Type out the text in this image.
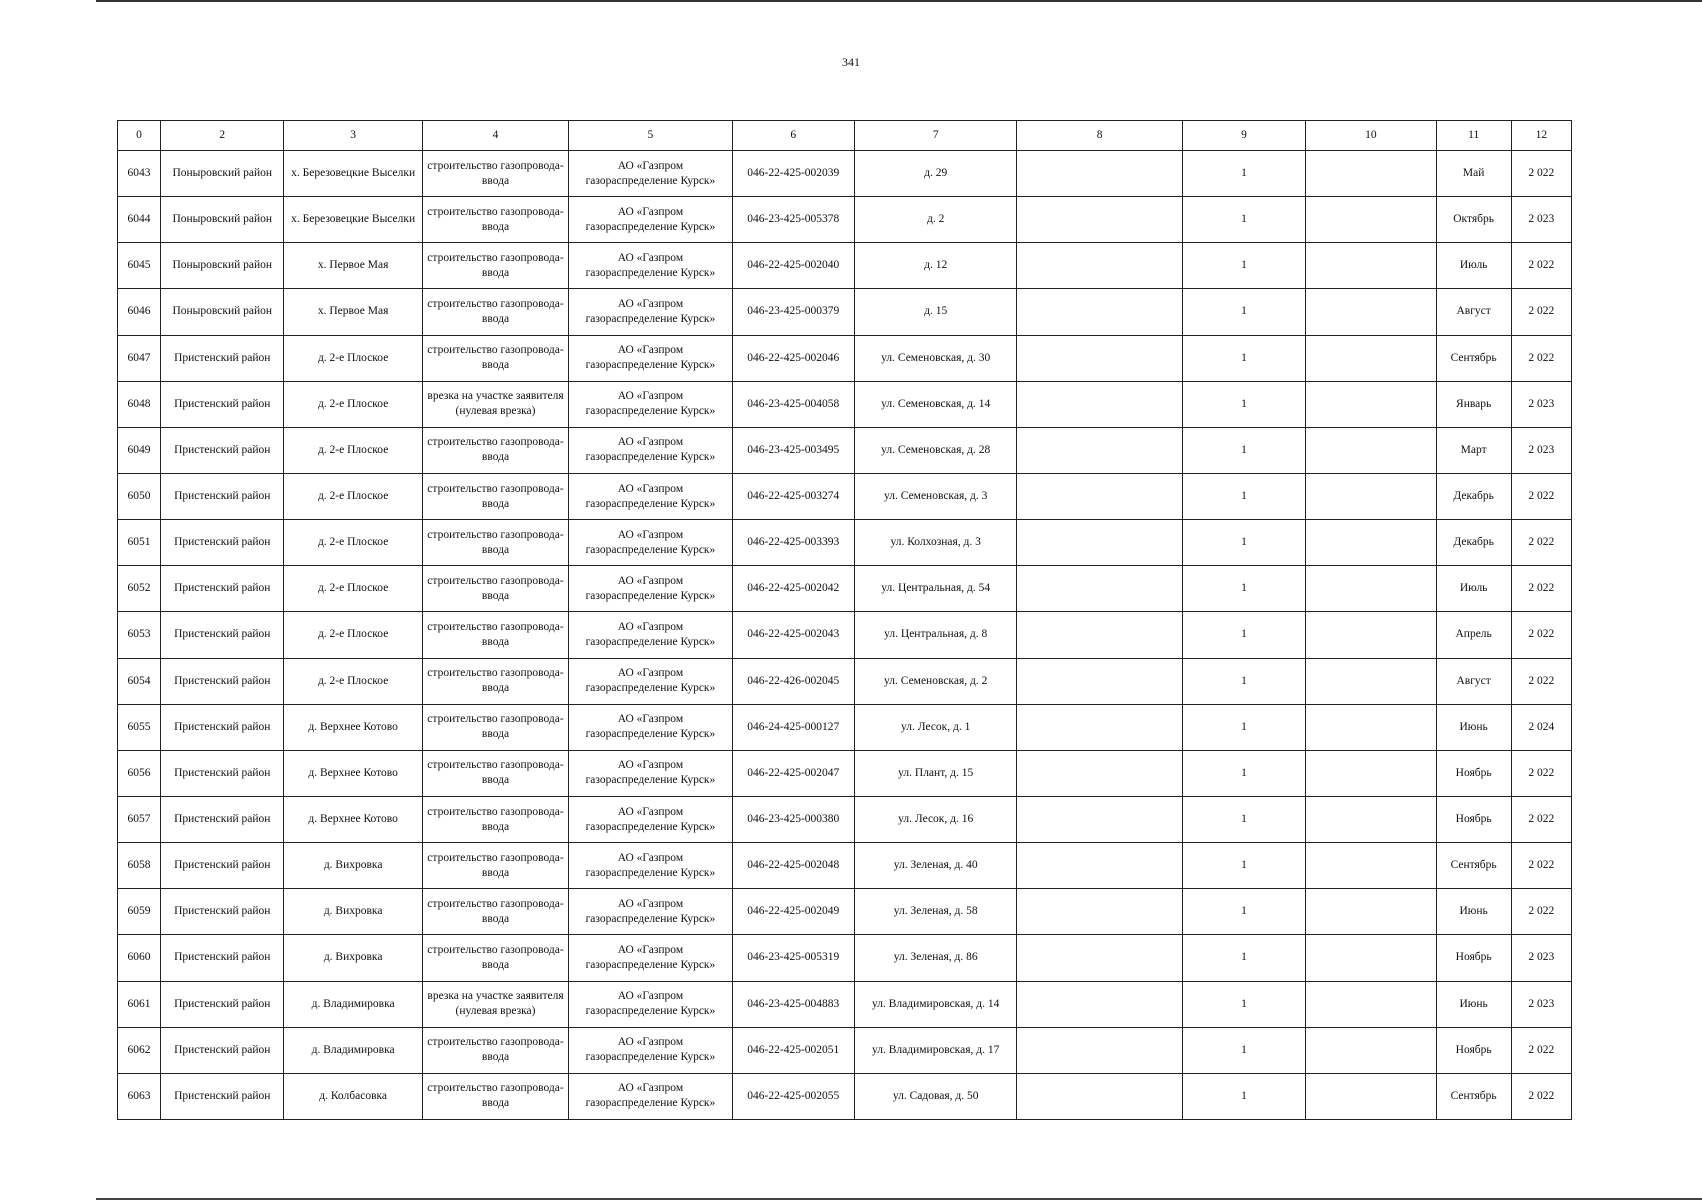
341
0	2	3	4	5	6	7	8	9	10	11	12
6043	Поныровский район	х. Березовецкие Выселки	строительство газопровода-ввода	АО «Газпром газораспределение Курск»	046-22-425-002039	д. 29		1		Май	2 022
6044	Поныровский район	х. Березовецкие Выселки	строительство газопровода-ввода	АО «Газпром газораспределение Курск»	046-23-425-005378	д. 2		1		Октябрь	2 023
6045	Поныровский район	х. Первое Мая	строительство газопровода-ввода	АО «Газпром газораспределение Курск»	046-22-425-002040	д. 12		1		Июль	2 022
6046	Поныровский район	х. Первое Мая	строительство газопровода-ввода	АО «Газпром газораспределение Курск»	046-23-425-000379	д. 15		1		Август	2 022
6047	Пристенский район	д. 2-е Плоское	строительство газопровода-ввода	АО «Газпром газораспределение Курск»	046-22-425-002046	ул. Семеновская, д. 30		1		Сентябрь	2 022
6048	Пристенский район	д. 2-е Плоское	врезка на участке заявителя (нулевая врезка)	АО «Газпром газораспределение Курск»	046-23-425-004058	ул. Семеновская, д. 14		1		Январь	2 023
6049	Пристенский район	д. 2-е Плоское	строительство газопровода-ввода	АО «Газпром газораспределение Курск»	046-23-425-003495	ул. Семеновская, д. 28		1		Март	2 023
6050	Пристенский район	д. 2-е Плоское	строительство газопровода-ввода	АО «Газпром газораспределение Курск»	046-22-425-003274	ул. Семеновская, д. 3		1		Декабрь	2 022
6051	Пристенский район	д. 2-е Плоское	строительство газопровода-ввода	АО «Газпром газораспределение Курск»	046-22-425-003393	ул. Колхозная, д. 3		1		Декабрь	2 022
6052	Пристенский район	д. 2-е Плоское	строительство газопровода-ввода	АО «Газпром газораспределение Курск»	046-22-425-002042	ул. Центральная, д. 54		1		Июль	2 022
6053	Пристенский район	д. 2-е Плоское	строительство газопровода-ввода	АО «Газпром газораспределение Курск»	046-22-425-002043	ул. Центральная, д. 8		1		Апрель	2 022
6054	Пристенский район	д. 2-е Плоское	строительство газопровода-ввода	АО «Газпром газораспределение Курск»	046-22-426-002045	ул. Семеновская, д. 2		1		Август	2 022
6055	Пристенский район	д. Верхнее Котово	строительство газопровода-ввода	АО «Газпром газораспределение Курск»	046-24-425-000127	ул. Лесок, д. 1		1		Июнь	2 024
6056	Пристенский район	д. Верхнее Котово	строительство газопровода-ввода	АО «Газпром газораспределение Курск»	046-22-425-002047	ул. Плант, д. 15		1		Ноябрь	2 022
6057	Пристенский район	д. Верхнее Котово	строительство газопровода-ввода	АО «Газпром газораспределение Курск»	046-23-425-000380	ул. Лесок, д. 16		1		Ноябрь	2 022
6058	Пристенский район	д. Вихровка	строительство газопровода-ввода	АО «Газпром газораспределение Курск»	046-22-425-002048	ул. Зеленая, д. 40		1		Сентябрь	2 022
6059	Пристенский район	д. Вихровка	строительство газопровода-ввода	АО «Газпром газораспределение Курск»	046-22-425-002049	ул. Зеленая, д. 58		1		Июнь	2 022
6060	Пристенский район	д. Вихровка	строительство газопровода-ввода	АО «Газпром газораспределение Курск»	046-23-425-005319	ул. Зеленая, д. 86		1		Ноябрь	2 023
6061	Пристенский район	д. Владимировка	врезка на участке заявителя (нулевая врезка)	АО «Газпром газораспределение Курск»	046-23-425-004883	ул. Владимировская, д. 14		1		Июнь	2 023
6062	Пристенский район	д. Владимировка	строительство газопровода-ввода	АО «Газпром газораспределение Курск»	046-22-425-002051	ул. Владимировская, д. 17		1		Ноябрь	2 022
6063	Пристенский район	д. Колбасовка	строительство газопровода-ввода	АО «Газпром газораспределение Курск»	046-22-425-002055	ул. Садовая, д. 50		1		Сентябрь	2 022
